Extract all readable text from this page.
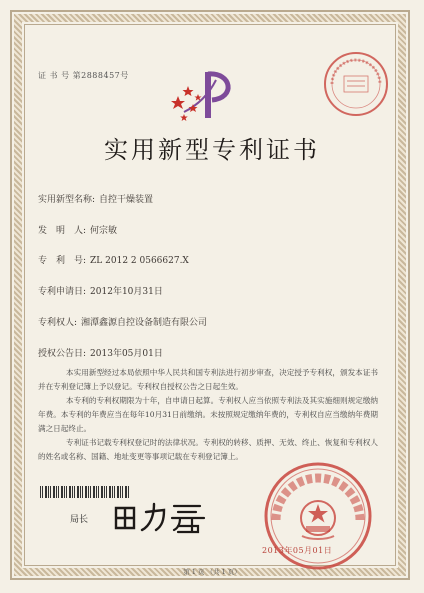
证 书 号 第2888457号
实用新型专利证书
实用新型名称: 自控干燥装置
发　明　人: 何宗敏
专　利　号: ZL 2012 2 0566627.X
专利申请日: 2012年10月31日
专利权人: 湘潭鑫源自控设备制造有限公司
授权公告日: 2013年05月01日
本实用新型经过本局依照中华人民共和国专利法进行初步审查，决定授予专利权，颁发本证书并在专利登记簿上予以登记。专利权自授权公告之日起生效。
本专利的专利权期限为十年，自申请日起算。专利权人应当依照专利法及其实施细则规定缴纳年费。本专利的年费应当在每年10月31日前缴纳。未按照规定缴纳年费的，专利权自应当缴纳年费期满之日起终止。
专利证书记载专利权登记时的法律状况。专利权的转移、质押、无效、终止、恢复和专利权人的姓名或名称、国籍、地址变更等事项记载在专利登记簿上。
局长
2013年05月01日
第 1 页 （共 1 页）
